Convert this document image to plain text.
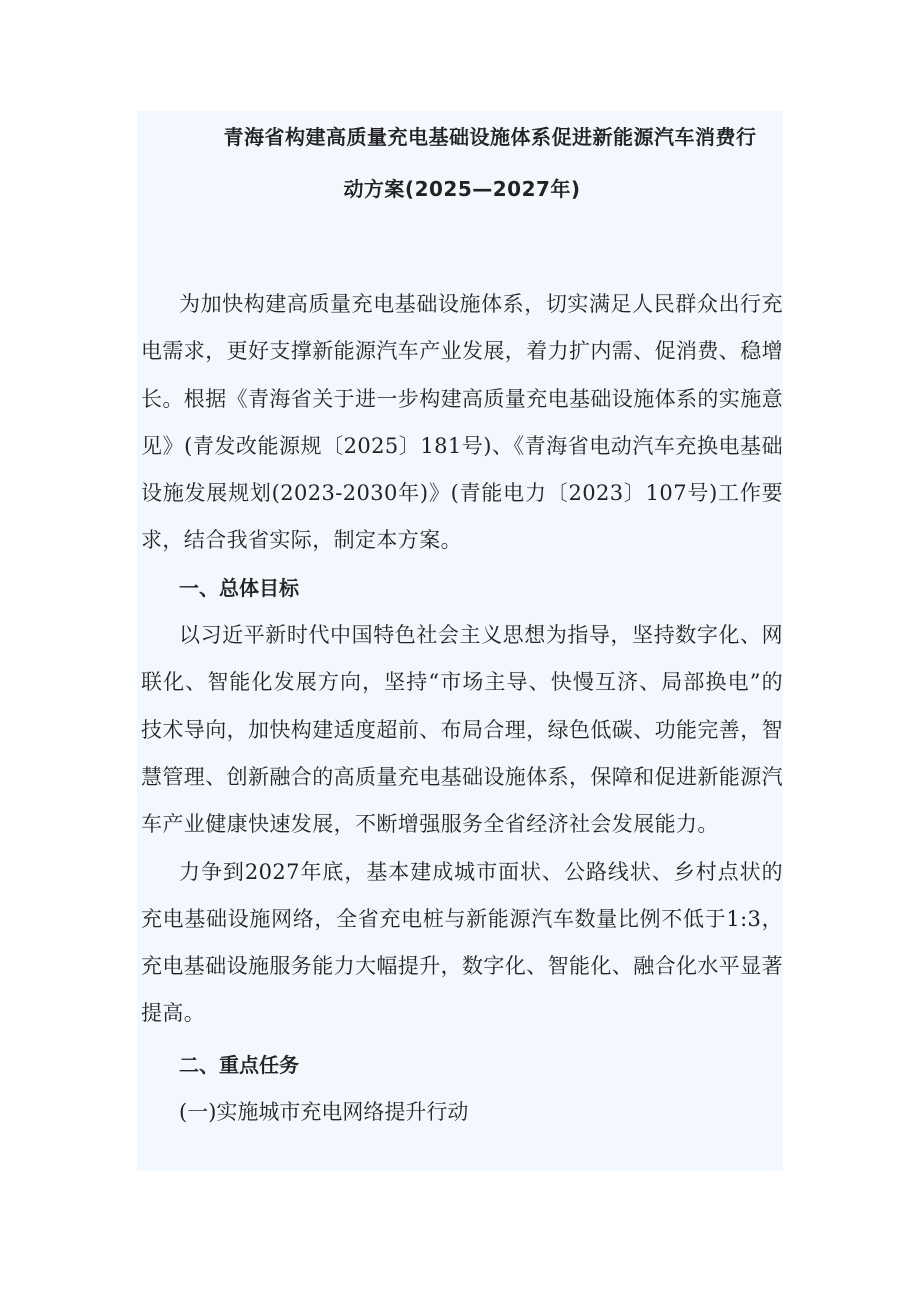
青海省构建高质量充电基础设施体系促进新能源汽车消费行
动方案(2025—2027年)

为加快构建高质量充电基础设施体系，切实满足人民群众出行充电需求，更好支撑新能源汽车产业发展，着力扩内需、促消费、稳增长。根据《青海省关于进一步构建高质量充电基础设施体系的实施意见》(青发改能源规〔2025〕181号)、《青海省电动汽车充换电基础设施发展规划(2023-2030年)》(青能电力〔2023〕107号)工作要求，结合我省实际，制定本方案。

一、总体目标

以习近平新时代中国特色社会主义思想为指导，坚持数字化、网联化、智能化发展方向，坚持“市场主导、快慢互济、局部换电”的技术导向，加快构建适度超前、布局合理，绿色低碳、功能完善，智慧管理、创新融合的高质量充电基础设施体系，保障和促进新能源汽车产业健康快速发展，不断增强服务全省经济社会发展能力。

力争到2027年底，基本建成城市面状、公路线状、乡村点状的充电基础设施网络，全省充电桩与新能源汽车数量比例不低于1:3，充电基础设施服务能力大幅提升，数字化、智能化、融合化水平显著提高。

二、重点任务

(一)实施城市充电网络提升行动
